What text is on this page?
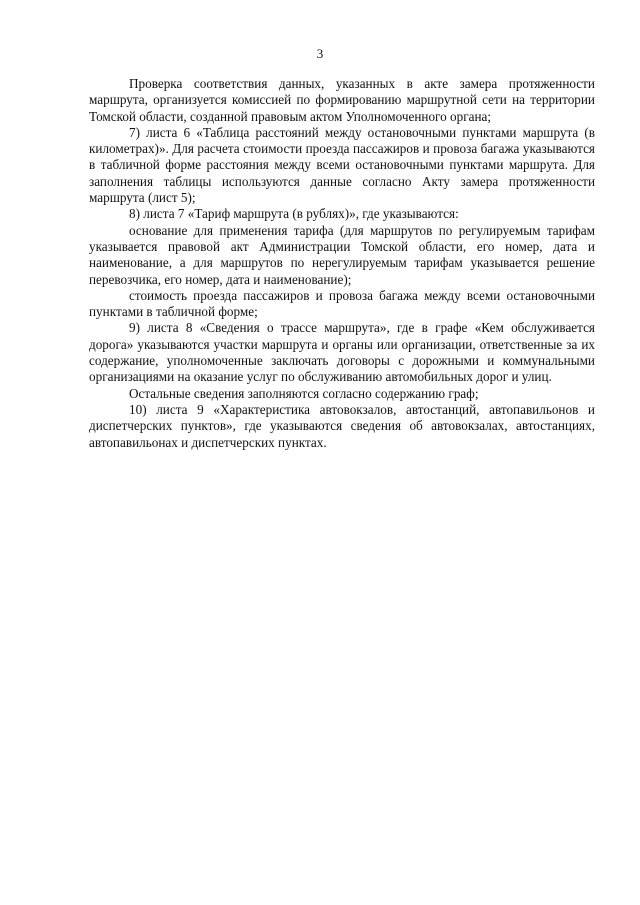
3

Проверка соответствия данных, указанных в акте замера протяженности маршрута, организуется комиссией по формированию маршрутной сети на территории Томской области, созданной правовым актом Уполномоченного органа;

7) листа 6 «Таблица расстояний между остановочными пунктами маршрута (в километрах)». Для расчета стоимости проезда пассажиров и провоза багажа указываются в табличной форме расстояния между всеми остановочными пунктами маршрута. Для заполнения таблицы используются данные согласно Акту замера протяженности маршрута (лист 5);

8) листа 7 «Тариф маршрута (в рублях)», где указываются:

основание для применения тарифа (для маршрутов по регулируемым тарифам указывается правовой акт Администрации Томской области, его номер, дата и наименование, а для маршрутов по нерегулируемым тарифам указывается решение перевозчика, его номер, дата и наименование);

стоимость проезда пассажиров и провоза багажа между всеми остановочными пунктами в табличной форме;

9) листа 8 «Сведения о трассе маршрута», где в графе «Кем обслуживается дорога» указываются участки маршрута и органы или организации, ответственные за их содержание, уполномоченные заключать договоры с дорожными и коммунальными организациями на оказание услуг по обслуживанию автомобильных дорог и улиц.

Остальные сведения заполняются согласно содержанию граф;

10) листа 9 «Характеристика автовокзалов, автостанций, автопавильонов и диспетчерских пунктов», где указываются сведения об автовокзалах, автостанциях, автопавильонах и диспетчерских пунктах.
